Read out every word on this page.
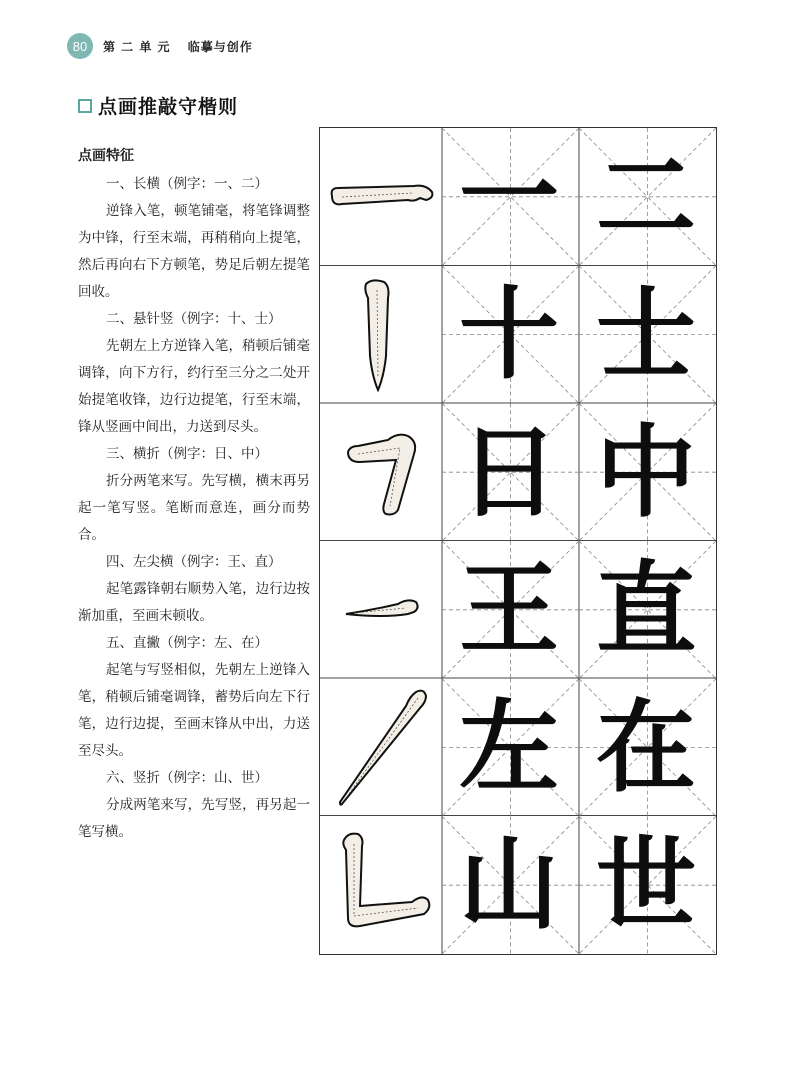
80	第 二 单 元 临摹与创作
点画推敲守楷则
点画特征
一、长横（例字：一、二）
逆锋入笔，顿笔铺毫，将笔锋调整为中锋，行至末端，再稍稍向上提笔，然后再向右下方顿笔，势足后朝左提笔回收。
二、悬针竖（例字：十、士）
先朝左上方逆锋入笔，稍顿后铺毫调锋，向下方行，约行至三分之二处开始提笔收锋，边行边提笔，行至末端，锋从竖画中间出，力送到尽头。
三、横折（例字：日、中）
折分两笔来写。先写横，横末再另起一笔写竖。笔断而意连，画分而势合。
四、左尖横（例字：王、直）
起笔露锋朝右顺势入笔，边行边按渐加重，至画末顿收。
五、直撇（例字：左、在）
起笔与写竖相似，先朝左上逆锋入笔，稍顿后铺毫调锋，蓄势后向左下行笔，边行边提，至画末锋从中出，力送至尽头。
六、竖折（例字：山、世）
分成两笔来写，先写竖，再另起一笔写横。
一 二
十 士
日 中
王 直
左 在
山 世
